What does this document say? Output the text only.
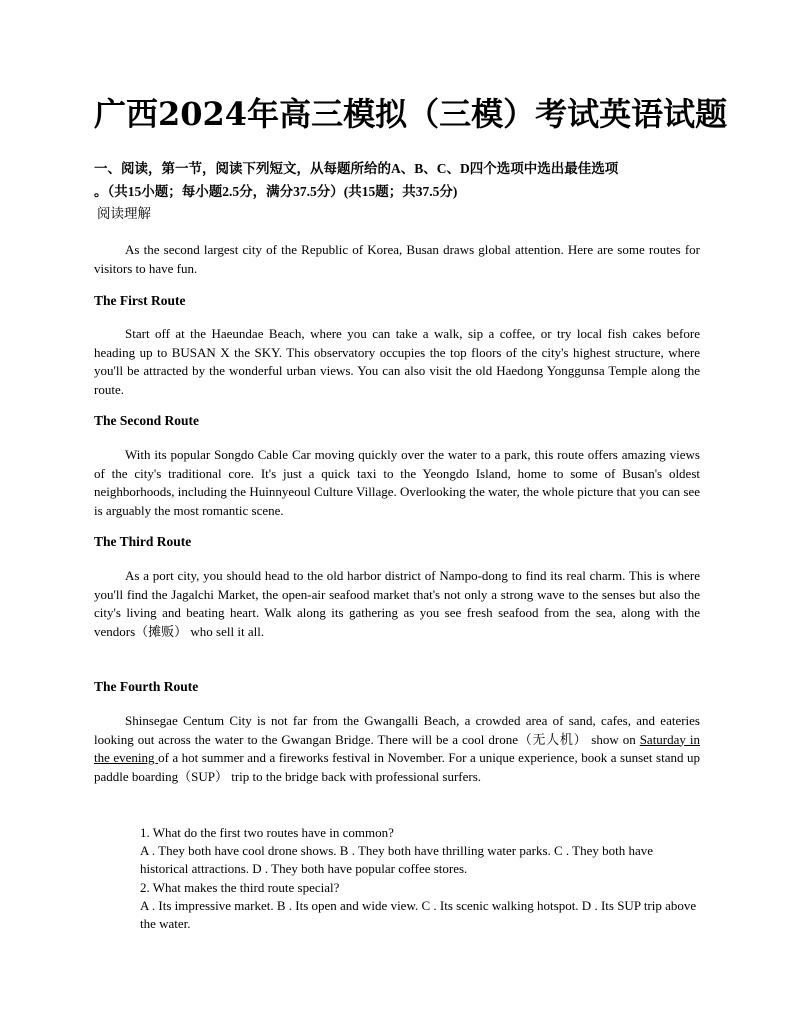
广西2024年高三模拟（三模）考试英语试题
一、阅读，第一节，阅读下列短文，从每题所给的A、B、C、D四个选项中选出最佳选项
。（共15小题；每小题2.5分，满分37.5分）(共15题；共37.5分)
阅读理解

As the second largest city of the Republic of Korea, Busan draws global attention. Here are some routes for visitors to have fun.

The First Route

Start off at the Haeundae Beach, where you can take a walk, sip a coffee, or try local fish cakes before heading up to BUSAN X the SKY. This observatory occupies the top floors of the city's highest structure, where you'll be attracted by the wonderful urban views. You can also visit the old Haedong Yonggunsa Temple along the route.

The Second Route

With its popular Songdo Cable Car moving quickly over the water to a park, this route offers amazing views of the city's traditional core. It's just a quick taxi to the Yeongdo Island, home to some of Busan's oldest neighborhoods, including the Huinnyeoul Culture Village. Overlooking the water, the whole picture that you can see is arguably the most romantic scene.

The Third Route

As a port city, you should head to the old harbor district of Nampo-dong to find its real charm. This is where you'll find the Jagalchi Market, the open-air seafood market that's not only a strong wave to the senses but also the city's living and beating heart. Walk along its gathering as you see fresh seafood from the sea, along with the vendors（摊贩） who sell it all.

The Fourth Route

Shinsegae Centum City is not far from the Gwangalli Beach, a crowded area of sand, cafes, and eateries looking out across the water to the Gwangan Bridge. There will be a cool drone（无人机） show on Saturday in the evening of a hot summer and a fireworks festival in November. For a unique experience, book a sunset stand up paddle boarding（SUP） trip to the bridge back with professional surfers.

1. What do the first two routes have in common?

A . They both have cool drone shows. B . They both have thrilling water parks. C . They both have historical attractions. D . They both have popular coffee stores.

2. What makes the third route special?

A . Its impressive market. B . Its open and wide view. C . Its scenic walking hotspot. D . Its SUP trip above the water.
